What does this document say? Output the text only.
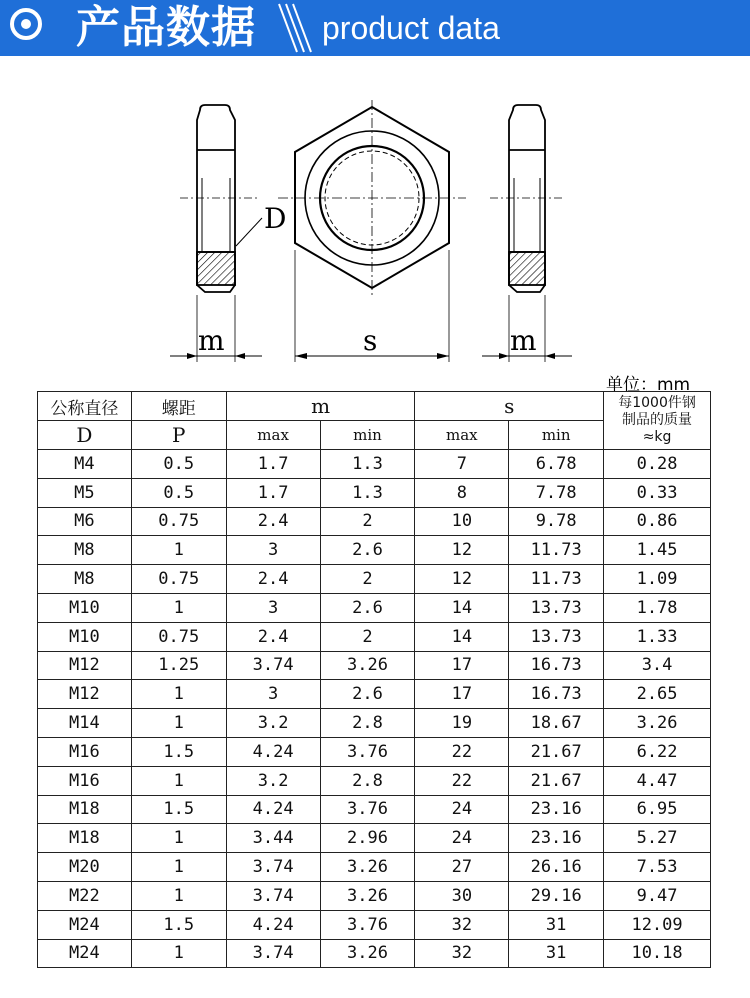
产品数据 product data
D
m	s	m
单位：mm
公称直径	螺距	m		s		每1000件钢
制品的质量
≈kg

D	P	max	min	max	min	
M4	0.5	1.7	1.3	7	6.78	0.28
M5	0.5	1.7	1.3	8	7.78	0.33
M6	0.75	2.4	2	10	9.78	0.86
M8	1	3	2.6	12	11.73	1.45
M8	0.75	2.4	2	12	11.73	1.09
M10	1	3	2.6	14	13.73	1.78
M10	0.75	2.4	2	14	13.73	1.33
M12	1.25	3.74	3.26	17	16.73	3.4
M12	1	3	2.6	17	16.73	2.65
M14	1	3.2	2.8	19	18.67	3.26
M16	1.5	4.24	3.76	22	21.67	6.22
M16	1	3.2	2.8	22	21.67	4.47
M18	1.5	4.24	3.76	24	23.16	6.95
M18	1	3.44	2.96	24	23.16	5.27
M20	1	3.74	3.26	27	26.16	7.53
M22	1	3.74	3.26	30	29.16	9.47
M24	1.5	4.24	3.76	32	31	12.09
M24	1	3.74	3.26	32	31	10.18
